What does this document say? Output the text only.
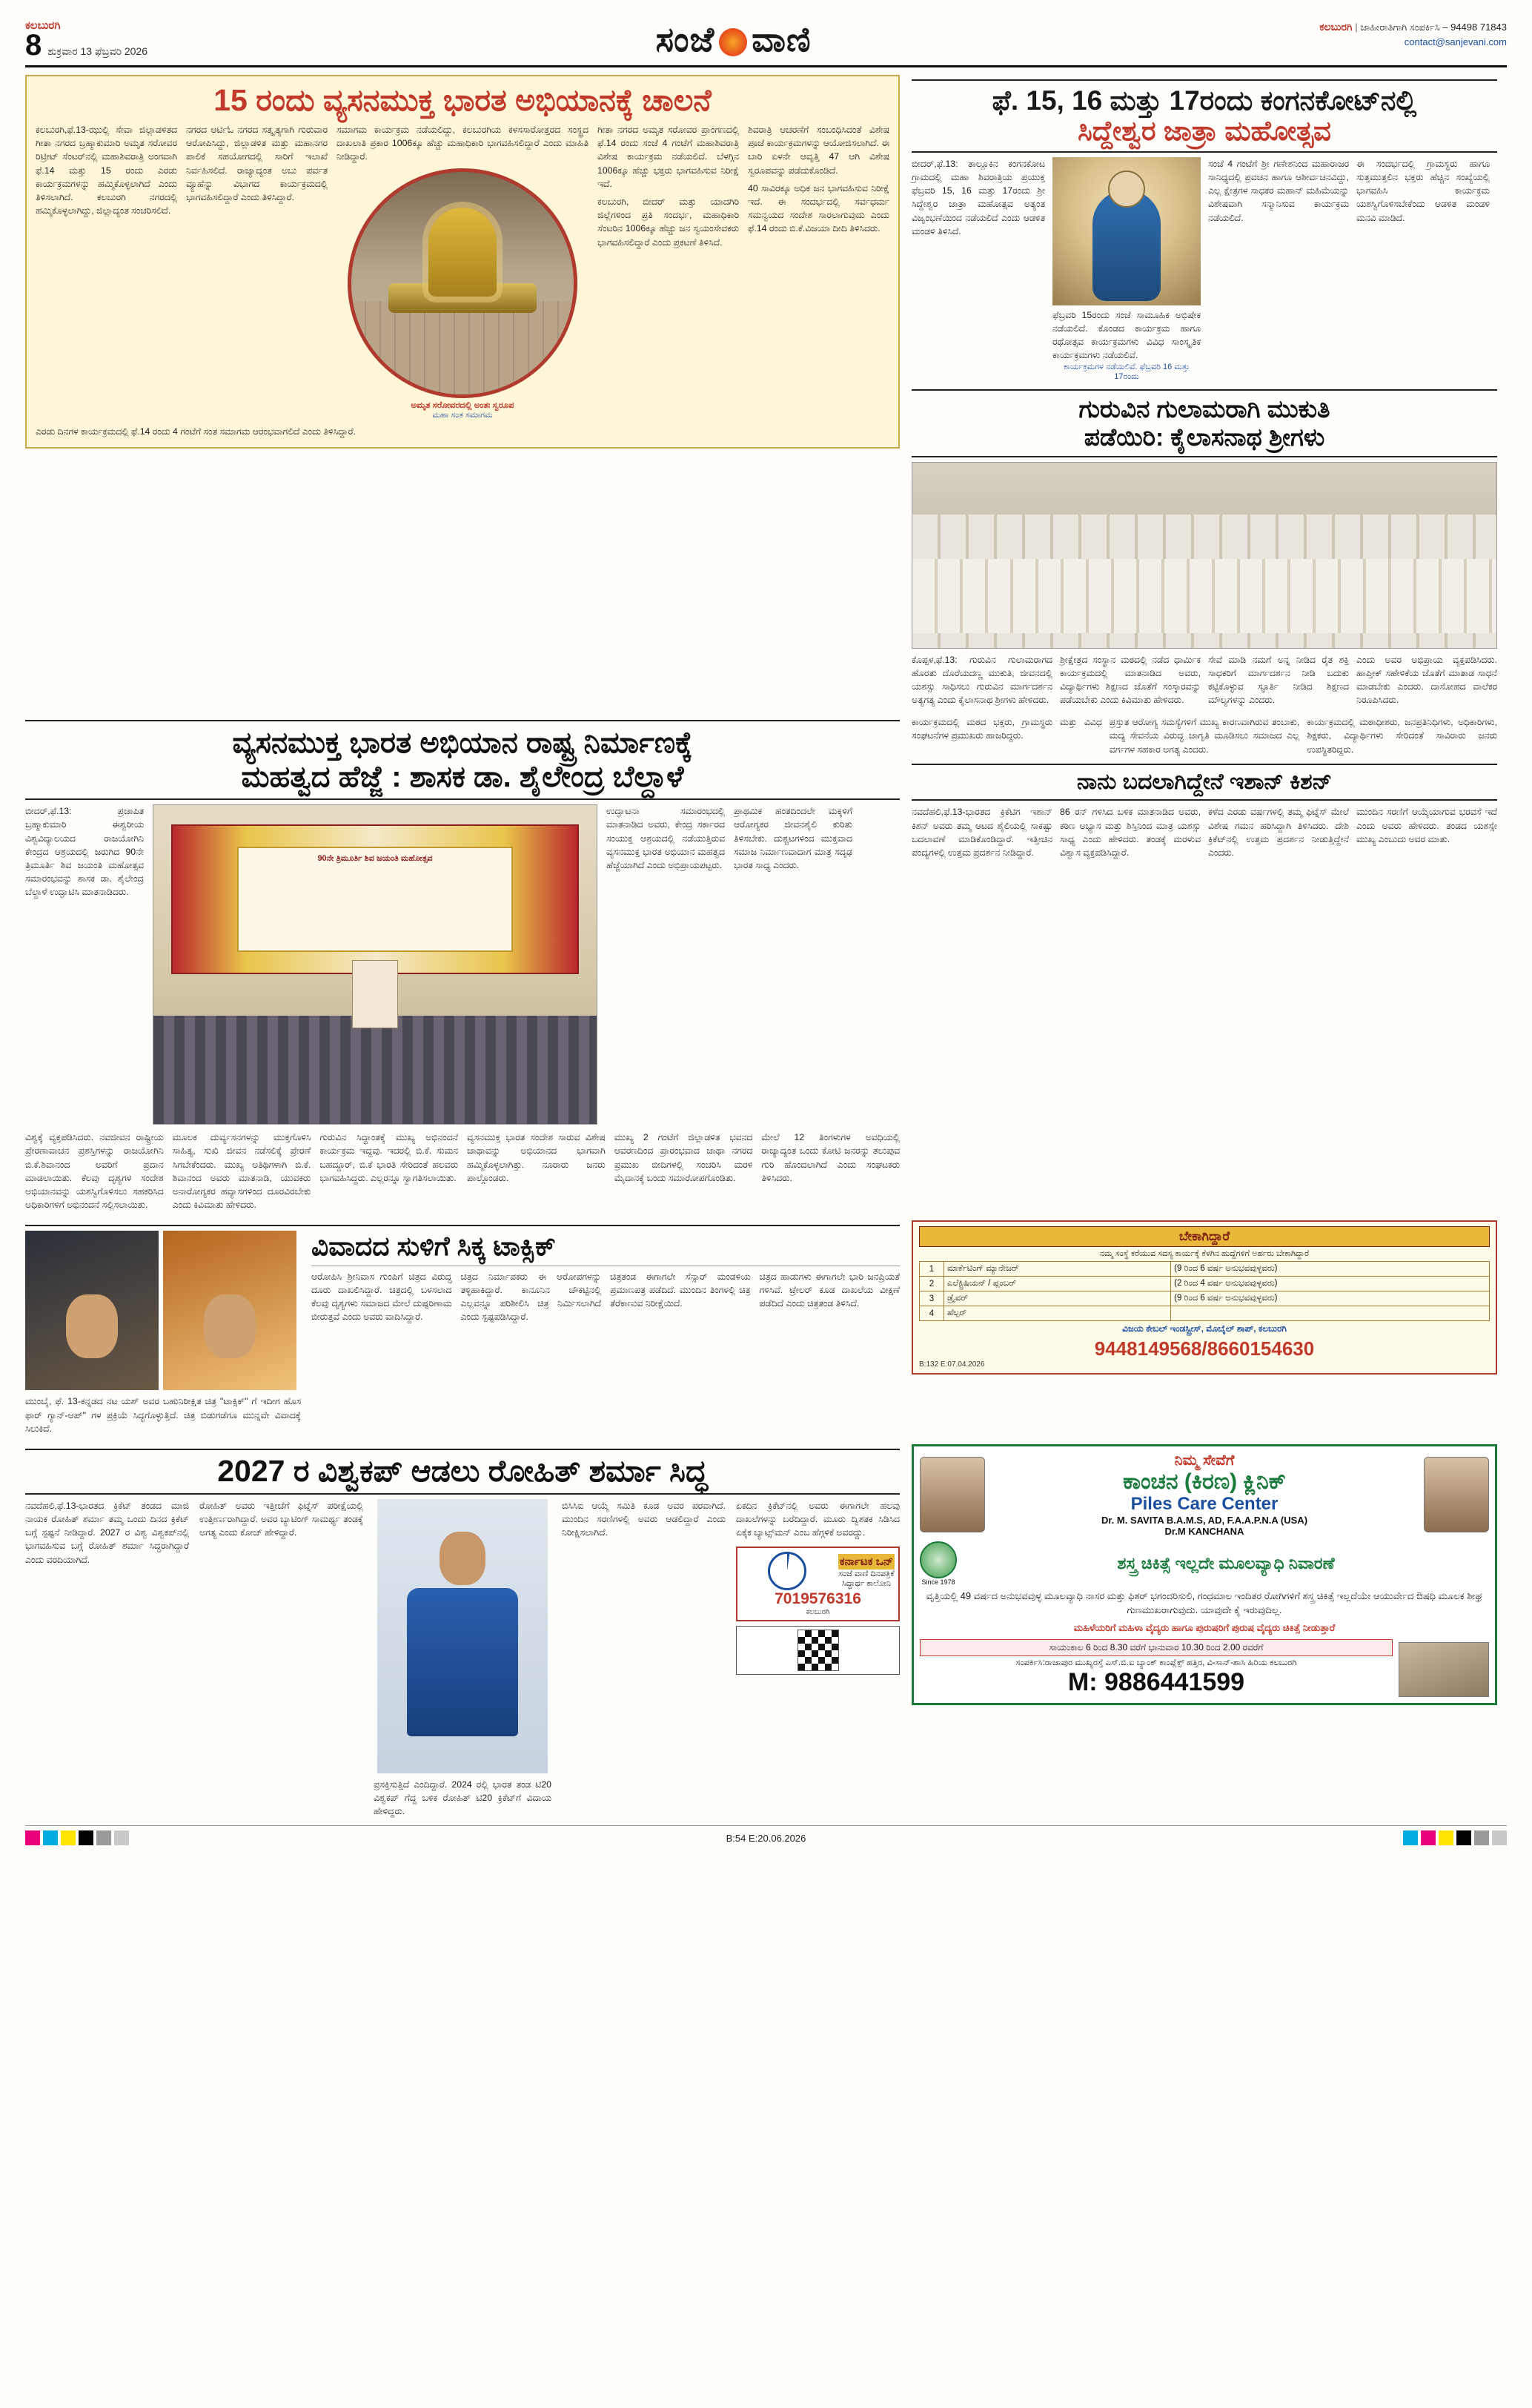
ಕಲಬುರಗಿ
8 ಶುಕ್ರವಾರ 13 ಫೆಬ್ರವರಿ 2026	ಸಂಜೆ ವಾಣಿ	ಕಲಬುರಗಿ | ಜಾಹೀರಾತಿಗಾಗಿ ಸಂಪರ್ಕಿಸಿ – 94498 71843
contact@sanjevani.com
15 ರಂದು ವ್ಯಸನಮುಕ್ತ ಭಾರತ ಅಭಿಯಾನಕ್ಕೆ ಚಾಲನೆ
ಕಲಬುರಗಿ,ಫೆ.13-ಝುಲ್ಲಿ ಸೇವಾ ಜಿಲ್ಲಾಡಳಿತದ ಗೀತಾ ನಗರದ ಬ್ರಹ್ಮಾಕುಮಾರಿ ಅಮೃತ ಸರೋವರ ರಿಟ್ರೀಟ್ ಸೆಂಟರ್‌ನಲ್ಲಿ ಮಹಾಶಿವರಾತ್ರಿ ಅಂಗವಾಗಿ ಫೆ.14 ಮತ್ತು 15 ರಂದು ಎರಡು ಕಾರ್ಯಕ್ರಮಗಳನ್ನು ಹಮ್ಮಿಕೊಳ್ಳಲಾಗಿದೆ ಎಂದು ತಿಳಿಸಲಾಗಿದೆ. ಕಲಬುರಗಿ ನಗರದಲ್ಲಿ ಹಮ್ಮಿಕೊಳ್ಳಲಾಗಿದ್ದು, ಜಿಲ್ಲಾದ್ಯಂತ ಸಂಚರಿಸಲಿದೆ.
ನಗರದ ಆರ್ಟಿಓ ನಗರದ ಸತ್ಕೃತ್ಯಗಾಗಿ ಗುರುವಾರ ಆರೋಪಿಸಿದ್ದು, ಜಿಲ್ಲಾಡಳಿತ ಮತ್ತು ಮಹಾನಗರ ಪಾಲಿಕೆ ಸಹಯೋಗದಲ್ಲಿ ಸಾರಿಗೆ ಇಲಾಖೆ ನಿರ್ವಹಿಸಲಿದೆ. ರಾಜ್ಯಾದ್ಯಂತ ಅಬು ಪರ್ವತ ವ್ಯೂಹೆನ್ನು ವಿಭಾಗದ ಕಾರ್ಯಕ್ರಮದಲ್ಲಿ ಭಾಗವಹಿಸಲಿದ್ದಾರೆ ಎಂದು ತಿಳಿಸಿದ್ದಾರೆ.
ಸಮಾಗಮ ಕಾರ್ಯಕ್ರಮ ನಡೆಯಲಿದ್ದು, ಕಲಬುರಗಿಯ ಕಳಸಸಾರೋತ್ತರದ ಸಂಸ್ಥ್ರದ ದಾಖಲಾತಿ ಪ್ರಕಾರ 1006ಕ್ಕೂ ಹೆಚ್ಚು ಮಹಾಧಿಕಾರಿ ಭಾಗವಹಿಸಲಿದ್ದಾರೆ ಎಂದು ಮಾಹಿತಿ ನೀಡಿದ್ದಾರೆ.
ಅಮೃತ ಸರೋವರದಲ್ಲಿ ಅಂತಃ ಸ್ವರೂಪ
ಮಹಾ ಸಂತ ಸಮಾಗಮ
ಗೀತಾ ನಗರದ ಅಮೃತ ಸರೋವರ ಪ್ರಾಂಗಣದಲ್ಲಿ ಫೆ.14 ರಂದು ಸಂಜೆ 4 ಗಂಟೆಗೆ ಮಹಾಶಿವರಾತ್ರಿ ವಿಶೇಷ ಕಾರ್ಯಕ್ರಮ ನಡೆಯಲಿದೆ. ಬೆಳಗ್ಗಿನ 1006ಕ್ಕೂ ಹೆಚ್ಚು ಭಕ್ತರು ಭಾಗವಹಿಸುವ ನಿರೀಕ್ಷೆ ಇದೆ.
ಕಲಬುರಗಿ, ಬೀದರ್ ಮತ್ತು ಯಾದಗಿರಿ ಜಿಲ್ಲೆಗಳಿಂದ ಪ್ರತಿ ಸಂದರ್ಭ, ಮಹಾಧಿಕಾರಿ ಸೆಂಟರಿನ 1006ಕ್ಕೂ ಹೆಚ್ಚು ಜನ ಸ್ವಯಂಸೇವಕರು ಭಾಗವಹಿಸಲಿದ್ದಾರೆ ಎಂದು ಪ್ರಕಟಣೆ ತಿಳಿಸಿದೆ.
ಶಿವರಾತ್ರಿ ಆಚರಣೆಗೆ ಸಂಬಂಧಿಸಿದಂತೆ ವಿಶೇಷ ಪೂಜೆ ಕಾರ್ಯಕ್ರಮಗಳನ್ನು ಆಯೋಜಿಸಲಾಗಿದೆ. ಈ ಬಾರಿ ಏಳನೇ ಆವೃತ್ತಿ 47 ಆಗಿ ವಿಶೇಷ ಸ್ವರೂಪವನ್ನು ಪಡೆದುಕೊಂಡಿದೆ.
40 ಸಾವಿರಕ್ಕೂ ಅಧಿಕ ಜನ ಭಾಗವಹಿಸುವ ನಿರೀಕ್ಷೆ ಇದೆ. ಈ ಸಂದರ್ಭದಲ್ಲಿ ಸರ್ವಧರ್ಮ ಸಮನ್ವಯದ ಸಂದೇಶ ಸಾರಲಾಗುವುದು ಎಂದು ಫೆ.14 ರಂದು ಬಿ.ಕೆ.ವಿಜಯಾ ದೀದಿ ತಿಳಿಸಿದರು.
ಎರಡು ದಿನಗಳ ಕಾರ್ಯಕ್ರಮದಲ್ಲಿ ಫೆ.14 ರಂದು 4 ಗಂಟೆಗೆ ಸಂತ ಸಮಾಗಮ ಆರಂಭವಾಗಲಿದೆ ಎಂದು ತಿಳಿಸಿದ್ದಾರೆ.
ಫೆ. 15, 16 ಮತ್ತು 17ರಂದು ಕಂಗನಕೋಟ್‌ನಲ್ಲಿ
ಸಿದ್ದೇಶ್ವರ ಜಾತ್ರಾ ಮಹೋತ್ಸವ
ಬೀದರ್,ಫೆ.13: ತಾಲ್ಲೂಕಿನ ಕಂಗನಕೋಟ ಗ್ರಾಮದಲ್ಲಿ ಮಹಾ ಶಿವರಾತ್ರಿಯ ಪ್ರಯುಕ್ತ ಫೆಬ್ರವರಿ 15, 16 ಮತ್ತು 17ರಂದು ಶ್ರೀ ಸಿದ್ದೇಶ್ವರ ಜಾತ್ರಾ ಮಹೋತ್ಸವ ಅತ್ಯಂತ ವಿಜೃಂಭಣೆಯಿಂದ ನಡೆಯಲಿದೆ ಎಂದು ಆಡಳಿತ ಮಂಡಳಿ ತಿಳಿಸಿದೆ.
ಫೆಬ್ರವರಿ 15ರಂದು ಸಂಜೆ ಸಾಮೂಹಿಕ ಅಭಿಷೇಕ ನಡೆಯಲಿದೆ. ಕೊಂಡದ ಕಾರ್ಯಕ್ರಮ ಹಾಗೂ ರಥೋತ್ಸವ ಕಾರ್ಯಕ್ರಮಗಳು ವಿವಿಧ ಸಾಂಸ್ಕೃತಿಕ ಕಾರ್ಯಕ್ರಮಗಳು ನಡೆಯಲಿವೆ.
ಕಾರ್ಯಕ್ರಮಗಳ ನಡೆಯಲಿವೆ. ಫೆಬ್ರವರಿ 16 ಮತ್ತು 17ರಂದು
ಸಂಜೆ 4 ಗಂಟೆಗೆ ಶ್ರೀ ಗಣೇಶನಿಂದ ಮಹಾರಾಜರ ಸಾನಿಧ್ಯದಲ್ಲಿ ಪ್ರವಚನ ಹಾಗೂ ಆಶೀರ್ವಚನವಿದ್ದು, ಎಲ್ಲ ಕ್ಷೇತ್ರಗಳ ಸಾಧಕರ ಮಹಾನ್ ಮಹಿಮೆಯನ್ನು ವಿಶೇಷವಾಗಿ ಸನ್ಮಾನಿಸುವ ಕಾರ್ಯಕ್ರಮ ನಡೆಯಲಿದೆ.
ಈ ಸಂದರ್ಭದಲ್ಲಿ ಗ್ರಾಮಸ್ಥರು ಹಾಗೂ ಸುತ್ತಮುತ್ತಲಿನ ಭಕ್ತರು ಹೆಚ್ಚಿನ ಸಂಖ್ಯೆಯಲ್ಲಿ ಭಾಗವಹಿಸಿ ಕಾರ್ಯಕ್ರಮ ಯಶಸ್ವಿಗೊಳಿಸಬೇಕೆಂದು ಆಡಳಿತ ಮಂಡಳಿ ಮನವಿ ಮಾಡಿದೆ.
ಗುರುವಿನ ಗುಲಾಮರಾಗಿ ಮುಕುತಿ
ಪಡೆಯಿರಿ: ಕೈಲಾಸನಾಥ ಶ್ರೀಗಳು
ಕೊಪ್ಪಳ,ಫೆ.13: ಗುರುವಿನ ಗುಲಾಮರಾಗದ ಹೊರತು ದೊರೆಯದಣ್ಣ ಮುಕುತಿ, ಜೀವನದಲ್ಲಿ ಯಶಸ್ಸು ಸಾಧಿಸಲು ಗುರುವಿನ ಮಾರ್ಗದರ್ಶನ ಅತ್ಯಗತ್ಯ ಎಂದು ಕೈಲಾಸನಾಥ ಶ್ರೀಗಳು ಹೇಳಿದರು.
ಶ್ರೀಕ್ಷೇತ್ರದ ಸಂಸ್ಥಾನ ಮಠದಲ್ಲಿ ನಡೆದ ಧಾರ್ಮಿಕ ಕಾರ್ಯಕ್ರಮದಲ್ಲಿ ಮಾತನಾಡಿದ ಅವರು, ವಿದ್ಯಾರ್ಥಿಗಳು ಶಿಕ್ಷಣದ ಜೊತೆಗೆ ಸಂಸ್ಕಾರವನ್ನು ಪಡೆಯಬೇಕು ಎಂದು ಕಿವಿಮಾತು ಹೇಳಿದರು.
ಸೇವೆ ಮಾಡಿ ನಮಗೆ ಅನ್ನ ನೀಡಿದ ರೈತ ಶಕ್ತಿ ಸಾಧಕರಿಗೆ ಮಾರ್ಗದರ್ಶನ ನೀಡಿ ಬದುಕು ಕಟ್ಟಿಕೊಳ್ಳುವ ಸ್ಫೂರ್ತಿ ನೀಡಿದ ಶಿಕ್ಷಣದ ಮೌಲ್ಯಗಳನ್ನು ಎಂದರು.
ಎಂದು ಅವರ ಅಭಿಪ್ರಾಯ ವ್ಯಕ್ತಪಡಿಸಿದರು. ಹಾಪ್ತೀಕ್ ಸಹೇಳಿಕೆಯ ಜೊತೆಗೆ ಮಾತಾಡ ಸಾಧನೆ ಮಾಡಬೇಕು ಎಂದರು. ದಾಸೋಹದ ವಾಲೆಕರ ನಿರೂಪಿಸಿದರು.
ವ್ಯಸನಮುಕ್ತ ಭಾರತ ಅಭಿಯಾನ ರಾಷ್ಟ್ರ ನಿರ್ಮಾಣಕ್ಕೆ
ಮಹತ್ವದ ಹೆಜ್ಜೆ : ಶಾಸಕ ಡಾ. ಶೈಲೇಂದ್ರ ಬೆಲ್ದಾಳೆ
ಬೀದರ್,ಫೆ.13: ಪ್ರಜಾಪಿತ ಬ್ರಹ್ಮಾಕುಮಾರಿ ಈಶ್ವರೀಯ ವಿಶ್ವವಿದ್ಯಾಲಯದ ರಾಜಯೋಗಿನಿ ಕೇಂದ್ರದ ಆಶ್ರಯದಲ್ಲಿ ಜರುಗಿದ 90ನೇ ತ್ರಿಮೂರ್ತಿ ಶಿವ ಜಯಂತಿ ಮಹೋತ್ಸವ ಸಮಾರಂಭವನ್ನು ಶಾಸಕ ಡಾ. ಶೈಲೇಂದ್ರ ಬೆಲ್ದಾಳೆ ಉದ್ಘಾಟಿಸಿ ಮಾತನಾಡಿದರು.
90ನೇ ತ್ರಿಮೂರ್ತಿ ಶಿವ ಜಯಂತಿ ಮಹೋತ್ಸವ
ಉದ್ಘಾಟನಾ ಸಮಾರಂಭದಲ್ಲಿ ಮಾತನಾಡಿದ ಅವರು, ಕೇಂದ್ರ ಸರ್ಕಾರದ ಸಂಯುಕ್ತ ಆಶ್ರಯದಲ್ಲಿ ನಡೆಯುತ್ತಿರುವ ವ್ಯಸನಮುಕ್ತ ಭಾರತ ಅಭಿಯಾನ ಮಹತ್ವದ ಹೆಜ್ಜೆಯಾಗಿದೆ ಎಂದು ಅಭಿಪ್ರಾಯಪಟ್ಟರು.
ಪ್ರಾಥಮಿಕ ಹಂತದಿಂದಲೇ ಮಕ್ಕಳಿಗೆ ಆರೋಗ್ಯಕರ ಜೀವನಶೈಲಿ ಕುರಿತು ತಿಳಿಸಬೇಕು. ದುಶ್ಚಟಗಳಿಂದ ಮುಕ್ತವಾದ ಸಮಾಜ ನಿರ್ಮಾಣವಾದಾಗ ಮಾತ್ರ ಸದೃಢ ಭಾರತ ಸಾಧ್ಯ ಎಂದರು.
ವಿಶ್ವಕ್ಕೆ ವ್ಯಕ್ತಪಡಿಸಿದರು. ನವಜೀವನ ರಾಷ್ಟ್ರೀಯ ಪ್ರೇರಣಾವಾಚನ ಪ್ರಶಸ್ತಿಗಳನ್ನು ರಾಜಯೋಗಿನಿ ಬಿ.ಕೆ.ಶಿವಾನಂದ ಅವರಿಗೆ ಪ್ರದಾನ ಮಾಡಲಾಯಿತು. ಕೆಲವು ದೃಶ್ಯಗಳ ಸಂದೇಶ ಅಭಿಯಾನವನ್ನು ಯಶಸ್ವಿಗೊಳಿಸಲು ಸಹಕರಿಸಿದ ಅಧಿಕಾರಿಗಳಿಗೆ ಅಭಿನಂದನೆ ಸಲ್ಲಿಸಲಾಯಿತು.
ಮೂಲಕ ದುರ್ವ್ಯಸನಗಳನ್ನು ಮುಕ್ತಗೊಳಿಸಿ ಸಾಹಿತ್ಯ, ಸುಖಿ ಜೀವನ ನಡೆಸಲಿಕ್ಕೆ ಪ್ರೇರಣೆ ಸಿಗಬೇಕೆಂದರು. ಮುಖ್ಯ ಅತಿಥಿಗಳಾಗಿ ಬಿ.ಕೆ. ಶಿವಾನಂದ ಅವರು ಮಾತನಾಡಿ, ಯುವಕರು ಅನಾರೋಗ್ಯಕರ ಹವ್ಯಾಸಗಳಿಂದ ದೂರವಿರಬೇಕು ಎಂದು ಕಿವಿಮಾತು ಹೇಳಿದರು.
ಗುರುವಿನ ಸಿದ್ಧಾಂತಕ್ಕೆ ಮುಖ್ಯ ಅಭಿನಂದನೆ ಕಾರ್ಯಕ್ರಮ ಇದ್ದವು. ಇದರಲ್ಲಿ ಬಿ.ಕೆ. ಸುಮನ ಬಹದ್ದೂರ್, ಬಿ.ಕೆ ಭಾರತಿ ಸೇರಿದಂತೆ ಹಲವರು ಭಾಗವಹಿಸಿದ್ದರು. ಎಲ್ಲರನ್ನೂ ಸ್ವಾಗತಿಸಲಾಯಿತು.
ವ್ಯಸನಮುಕ್ತ ಭಾರತ ಸಂದೇಶ ಸಾರುವ ವಿಶೇಷ ಜಾಥಾವನ್ನು ಅಭಿಯಾನದ ಭಾಗವಾಗಿ ಹಮ್ಮಿಕೊಳ್ಳಲಾಗಿತ್ತು. ನೂರಾರು ಜನರು ಪಾಲ್ಗೊಂಡರು.
ಮುಖ್ಯ 2 ಗಂಟೆಗೆ ಜಿಲ್ಲಾಡಳಿತ ಭವನದ ಆವರಣದಿಂದ ಪ್ರಾರಂಭವಾದ ಜಾಥಾ ನಗರದ ಪ್ರಮುಖ ಬೀದಿಗಳಲ್ಲಿ ಸಂಚರಿಸಿ ಮರಳಿ ಮೈದಾನಕ್ಕೆ ಬಂದು ಸಮಾರೋಪಗೊಂಡಿತು.
ಮೇಲೆ 12 ತಿಂಗಳುಗಳ ಅವಧಿಯಲ್ಲಿ ರಾಜ್ಯಾದ್ಯಂತ ಒಂದು ಕೋಟಿ ಜನರನ್ನು ತಲುಪುವ ಗುರಿ ಹೊಂದಲಾಗಿದೆ ಎಂದು ಸಂಘಟಕರು ತಿಳಿಸಿದರು.
ಕಾರ್ಯಕ್ರಮದಲ್ಲಿ ಮಠದ ಭಕ್ತರು, ಗ್ರಾಮಸ್ಥರು ಮತ್ತು ವಿವಿಧ ಸಂಘಟನೆಗಳ ಪ್ರಮುಖರು ಹಾಜರಿದ್ದರು.
ಪ್ರಸ್ತುತ ಆರೋಗ್ಯ ಸಮಸ್ಯೆಗಳಿಗೆ ಮುಖ್ಯ ಕಾರಣವಾಗಿರುವ ತಂಬಾಕು, ಮದ್ಯ ಸೇವನೆಯ ವಿರುದ್ಧ ಜಾಗೃತಿ ಮೂಡಿಸಲು ಸಮಾಜದ ಎಲ್ಲ ವರ್ಗಗಳ ಸಹಕಾರ ಅಗತ್ಯ ಎಂದರು.
ಕಾರ್ಯಕ್ರಮದಲ್ಲಿ ಮಠಾಧೀಶರು, ಜನಪ್ರತಿನಿಧಿಗಳು, ಅಧಿಕಾರಿಗಳು, ಶಿಕ್ಷಕರು, ವಿದ್ಯಾರ್ಥಿಗಳು ಸೇರಿದಂತೆ ಸಾವಿರಾರು ಜನರು ಉಪಸ್ಥಿತರಿದ್ದರು.
ನಾನು ಬದಲಾಗಿದ್ದೇನೆ ಇಶಾನ್ ಕಿಶನ್
ನವದೆಹಲಿ,ಫೆ.13-ಭಾರತದ ಕ್ರಿಕೆಟಿಗ ಇಶಾನ್ ಕಿಶನ್ ಅವರು ತಮ್ಮ ಆಟದ ಶೈಲಿಯಲ್ಲಿ ಸಾಕಷ್ಟು ಬದಲಾವಣೆ ಮಾಡಿಕೊಂಡಿದ್ದಾರೆ. ಇತ್ತೀಚಿನ ಪಂದ್ಯಗಳಲ್ಲಿ ಉತ್ತಮ ಪ್ರದರ್ಶನ ನೀಡಿದ್ದಾರೆ.
86 ರನ್ ಗಳಿಸಿದ ಬಳಿಕ ಮಾತನಾಡಿದ ಅವರು, ಕಠಿಣ ಅಭ್ಯಾಸ ಮತ್ತು ಶಿಸ್ತಿನಿಂದ ಮಾತ್ರ ಯಶಸ್ಸು ಸಾಧ್ಯ ಎಂದು ಹೇಳಿದರು. ತಂಡಕ್ಕೆ ಮರಳುವ ವಿಶ್ವಾಸ ವ್ಯಕ್ತಪಡಿಸಿದ್ದಾರೆ.
ಕಳೆದ ಎರಡು ವರ್ಷಗಳಲ್ಲಿ ತಮ್ಮ ಫಿಟ್ನೆಸ್ ಮೇಲೆ ವಿಶೇಷ ಗಮನ ಹರಿಸಿದ್ದಾಗಿ ತಿಳಿಸಿದರು. ದೇಶಿ ಕ್ರಿಕೆಟ್‌ನಲ್ಲಿ ಉತ್ತಮ ಪ್ರದರ್ಶನ ನೀಡುತ್ತಿದ್ದೇನೆ ಎಂದರು.
ಮುಂದಿನ ಸರಣಿಗೆ ಆಯ್ಕೆಯಾಗುವ ಭರವಸೆ ಇದೆ ಎಂದು ಅವರು ಹೇಳಿದರು. ತಂಡದ ಯಶಸ್ಸೇ ಮುಖ್ಯ ಎಂಬುದು ಅವರ ಮಾತು.
ಮುಂಬೈ, ಫೆ. 13-ಕನ್ನಡದ ನಟ ಯಶ್ ಅವರ ಬಹುನಿರೀಕ್ಷಿತ ಚಿತ್ರ "ಟಾಕ್ಸಿಕ್" ಗೆ ಇದೀಗ ಹೊಸ ಫಾರ್ ಗ್ಯಾನ್-ಅಪ್" ಗಳ ಪ್ರಕ್ರಿಯೆ ಸಿದ್ಧಗೊಳ್ಳುತ್ತಿದೆ. ಚಿತ್ರ ಬಿಡುಗಡೆಗೂ ಮುನ್ನವೇ ವಿವಾದಕ್ಕೆ ಸಿಲುಕಿದೆ.
ವಿವಾದದ ಸುಳಿಗೆ ಸಿಕ್ಕ ಟಾಕ್ಸಿಕ್
ಆರೋಪಿಸಿ ಶ್ರೀನಿವಾಸ ಗುಂಪಿಗೆ ಚಿತ್ರದ ವಿರುದ್ಧ ದೂರು ದಾಖಲಿಸಿದ್ದಾರೆ. ಚಿತ್ರದಲ್ಲಿ ಬಳಸಲಾದ ಕೆಲವು ದೃಶ್ಯಗಳು ಸಮಾಜದ ಮೇಲೆ ದುಷ್ಪರಿಣಾಮ ಬೀರುತ್ತವೆ ಎಂದು ಅವರು ವಾದಿಸಿದ್ದಾರೆ.
ಚಿತ್ರದ ನಿರ್ಮಾಪಕರು ಈ ಆರೋಪಗಳನ್ನು ತಳ್ಳಿಹಾಕಿದ್ದಾರೆ. ಕಾನೂನಿನ ಚೌಕಟ್ಟಿನಲ್ಲಿ ಎಲ್ಲವನ್ನೂ ಪರಿಶೀಲಿಸಿ ಚಿತ್ರ ನಿರ್ಮಿಸಲಾಗಿದೆ ಎಂದು ಸ್ಪಷ್ಟಪಡಿಸಿದ್ದಾರೆ.
ಚಿತ್ರತಂಡ ಈಗಾಗಲೇ ಸೆನ್ಸಾರ್ ಮಂಡಳಿಯ ಪ್ರಮಾಣಪತ್ರ ಪಡೆದಿದೆ. ಮುಂದಿನ ತಿಂಗಳಲ್ಲಿ ಚಿತ್ರ ತೆರೆಕಾಣುವ ನಿರೀಕ್ಷೆಯಿದೆ.
ಚಿತ್ರದ ಹಾಡುಗಳು ಈಗಾಗಲೇ ಭಾರಿ ಜನಪ್ರಿಯತೆ ಗಳಿಸಿವೆ. ಟ್ರೇಲರ್ ಕೂಡ ದಾಖಲೆಯ ವೀಕ್ಷಣೆ ಪಡೆದಿದೆ ಎಂದು ಚಿತ್ರತಂಡ ತಿಳಿಸಿದೆ.
ಬೇಕಾಗಿದ್ದಾರೆ
ನಮ್ಮ ಸಂಸ್ಥೆ ಕರೆಯುವ ಸದಸ್ಯ ಕಾರ್ಯಕ್ಕೆ ಕೆಳಗಿನ ಹುದ್ದೆಗಳಿಗೆ ಅರ್ಹರು ಬೇಕಾಗಿದ್ದಾರೆ
1	ಮಾರ್ಕೆಟಿಂಗ್ ಮ್ಯಾನೇಜರ್	(9 ರಿಂದ 6 ವರ್ಷ ಅನುಭವವುಳ್ಳವರು)
2	ಎಲೆಕ್ಟ್ರಿಷಿಯನ್ / ಪ್ಲಂಬರ್	(2 ರಿಂದ 4 ವರ್ಷ ಅನುಭವವುಳ್ಳವರು)
3	ಡ್ರೈವರ್	(9 ರಿಂದ 6 ವರ್ಷ ಅನುಭವವುಳ್ಳವರು)
4	ಹೆಲ್ಪರ್	
ವಿಜಯ ಕೇಬಲ್ ಇಂಡಸ್ಟ್ರೀಸ್, ಮೊಬೈಲ್ ಶಾಪ್, ಕಲಬುರಗಿ
9448149568/8660154630
B:132 E:07.04.2026
2027 ರ ವಿಶ್ವಕಪ್ ಆಡಲು ರೋಹಿತ್ ಶರ್ಮಾ ಸಿದ್ಧ
ನವದೆಹಲಿ,ಫೆ.13-ಭಾರತದ ಕ್ರಿಕೆಟ್ ತಂಡದ ಮಾಜಿ ನಾಯಕ ರೋಹಿತ್ ಶರ್ಮಾ ತಮ್ಮ ಒಂದು ದಿನದ ಕ್ರಿಕೆಟ್ ಬಗ್ಗೆ ಸ್ಪಷ್ಟನೆ ನೀಡಿದ್ದಾರೆ. 2027 ರ ವಿಶ್ವ ವಿಶ್ವಕಪ್‌ನಲ್ಲಿ ಭಾಗವಹಿಸುವ ಬಗ್ಗೆ ರೋಹಿತ್ ಶರ್ಮಾ ಸಿದ್ಧರಾಗಿದ್ದಾರೆ ಎಂದು ವರದಿಯಾಗಿದೆ.
ರೋಹಿತ್ ಅವರು ಇತ್ತೀಚೆಗೆ ಫಿಟ್ನೆಸ್ ಪರೀಕ್ಷೆಯಲ್ಲಿ ಉತ್ತೀರ್ಣರಾಗಿದ್ದಾರೆ. ಅವರ ಬ್ಯಾಟಿಂಗ್ ಸಾಮರ್ಥ್ಯ ತಂಡಕ್ಕೆ ಅಗತ್ಯ ಎಂದು ಕೋಚ್ ಹೇಳಿದ್ದಾರೆ.
ಪ್ರಸಕ್ತಿಸುತ್ತಿದೆ ಎಂದಿದ್ದಾರೆ. 2024 ರಲ್ಲಿ ಭಾರತ ತಂಡ ಟಿ20 ವಿಶ್ವಕಪ್ ಗೆದ್ದ ಬಳಿಕ ರೋಹಿತ್ ಟಿ20 ಕ್ರಿಕೆಟ್‌ಗೆ ವಿದಾಯ ಹೇಳಿದ್ದರು.
ಬಿಸಿಸಿಐ ಆಯ್ಕೆ ಸಮಿತಿ ಕೂಡ ಅವರ ಪರವಾಗಿದೆ. ಮುಂದಿನ ಸರಣಿಗಳಲ್ಲಿ ಅವರು ಆಡಲಿದ್ದಾರೆ ಎಂದು ನಿರೀಕ್ಷಿಸಲಾಗಿದೆ.
ಏಕದಿನ ಕ್ರಿಕೆಟ್‌ನಲ್ಲಿ ಅವರು ಈಗಾಗಲೇ ಹಲವು ದಾಖಲೆಗಳನ್ನು ಬರೆದಿದ್ದಾರೆ. ಮೂರು ದ್ವಿಶತಕ ಸಿಡಿಸಿದ ಏಕೈಕ ಬ್ಯಾಟ್ಸ್‌ಮನ್ ಎಂಬ ಹೆಗ್ಗಳಿಕೆ ಅವರದ್ದು.
ಕರ್ನಾಟಕ ಒನ್
ಸಂಜೆ ವಾಣಿ ದಿನಪತ್ರಿಕೆ
ಸಿದ್ಧಾರ್ಥ ಕಾಲೋನಿ
7019576316
ಕಲಬುರಗಿ
ನಿಮ್ಮ ಸೇವೆಗೆ
ಕಾಂಚನ (ಕಿರಣ) ಕ್ಲಿನಿಕ್
Piles Care Center
Dr. M. SAVITA B.A.M.S, AD, F.A.A.P.N.A (USA)
Dr.M KANCHANA
Since 1978
ಶಸ್ತ್ರ ಚಿಕಿತ್ಸೆ ಇಲ್ಲದೇ ಮೂಲವ್ಯಾಧಿ ನಿವಾರಣೆ
ವೃತ್ತಿಯಲ್ಲಿ 49 ವರ್ಷದ ಅನುಭವವುಳ್ಳ ಮೂಲವ್ಯಾಧಿ ನಾಸರ ಮತ್ತು ಫಿಶರ್ ಭಗಂದರಿಸುಲಿ, ಗಂಧಮಾಲ ಇಂದಿತರ ರೋಗಿಗಳಿಗೆ ಶಸ್ತ್ರ ಚಿಕಿತ್ಸೆ ಇಲ್ಲದೆಯೇ ಆಯುರ್ವೇದ ಔಷಧಿ ಮೂಲಕ ಶೀಘ್ರ ಗುಣಮುಖರಾಗುವುದು. ಯಾವುದೇ ಕೈ ಇರುವುದಿಲ್ಲ.
ಮಹಿಳೆಯರಿಗೆ ಮಹಿಳಾ ವೈದ್ಯರು ಹಾಗೂ ಪುರುಷರಿಗೆ ಪುರುಷ ವೈದ್ಯರು ಚಿಕಿತ್ಸೆ ನೀಡುತ್ತಾರೆ
ಸಾಯಂಕಾಲ 6 ರಿಂದ 8.30 ವರೆಗೆ ಭಾನುವಾರ 10.30 ರಿಂದ 2.00 ರವರೆಗೆ
ಸಂಪರ್ಕಿಸಿ:ರಾಜಾಪುರ ಮುಖ್ಯರಸ್ತೆ ಎಸ್.ಬಿ.ಐ ಬ್ಯಾಂಕ್ ಕಾಂಪ್ಲೆಕ್ಸ್ ಹತ್ತಿರ, ವಿ-ಸಾನ್-ಶಾಸಿ ಹಿರಿಯ ಕಲಬುರಗಿ
M: 9886441599
B:54 E:20.06.2026
